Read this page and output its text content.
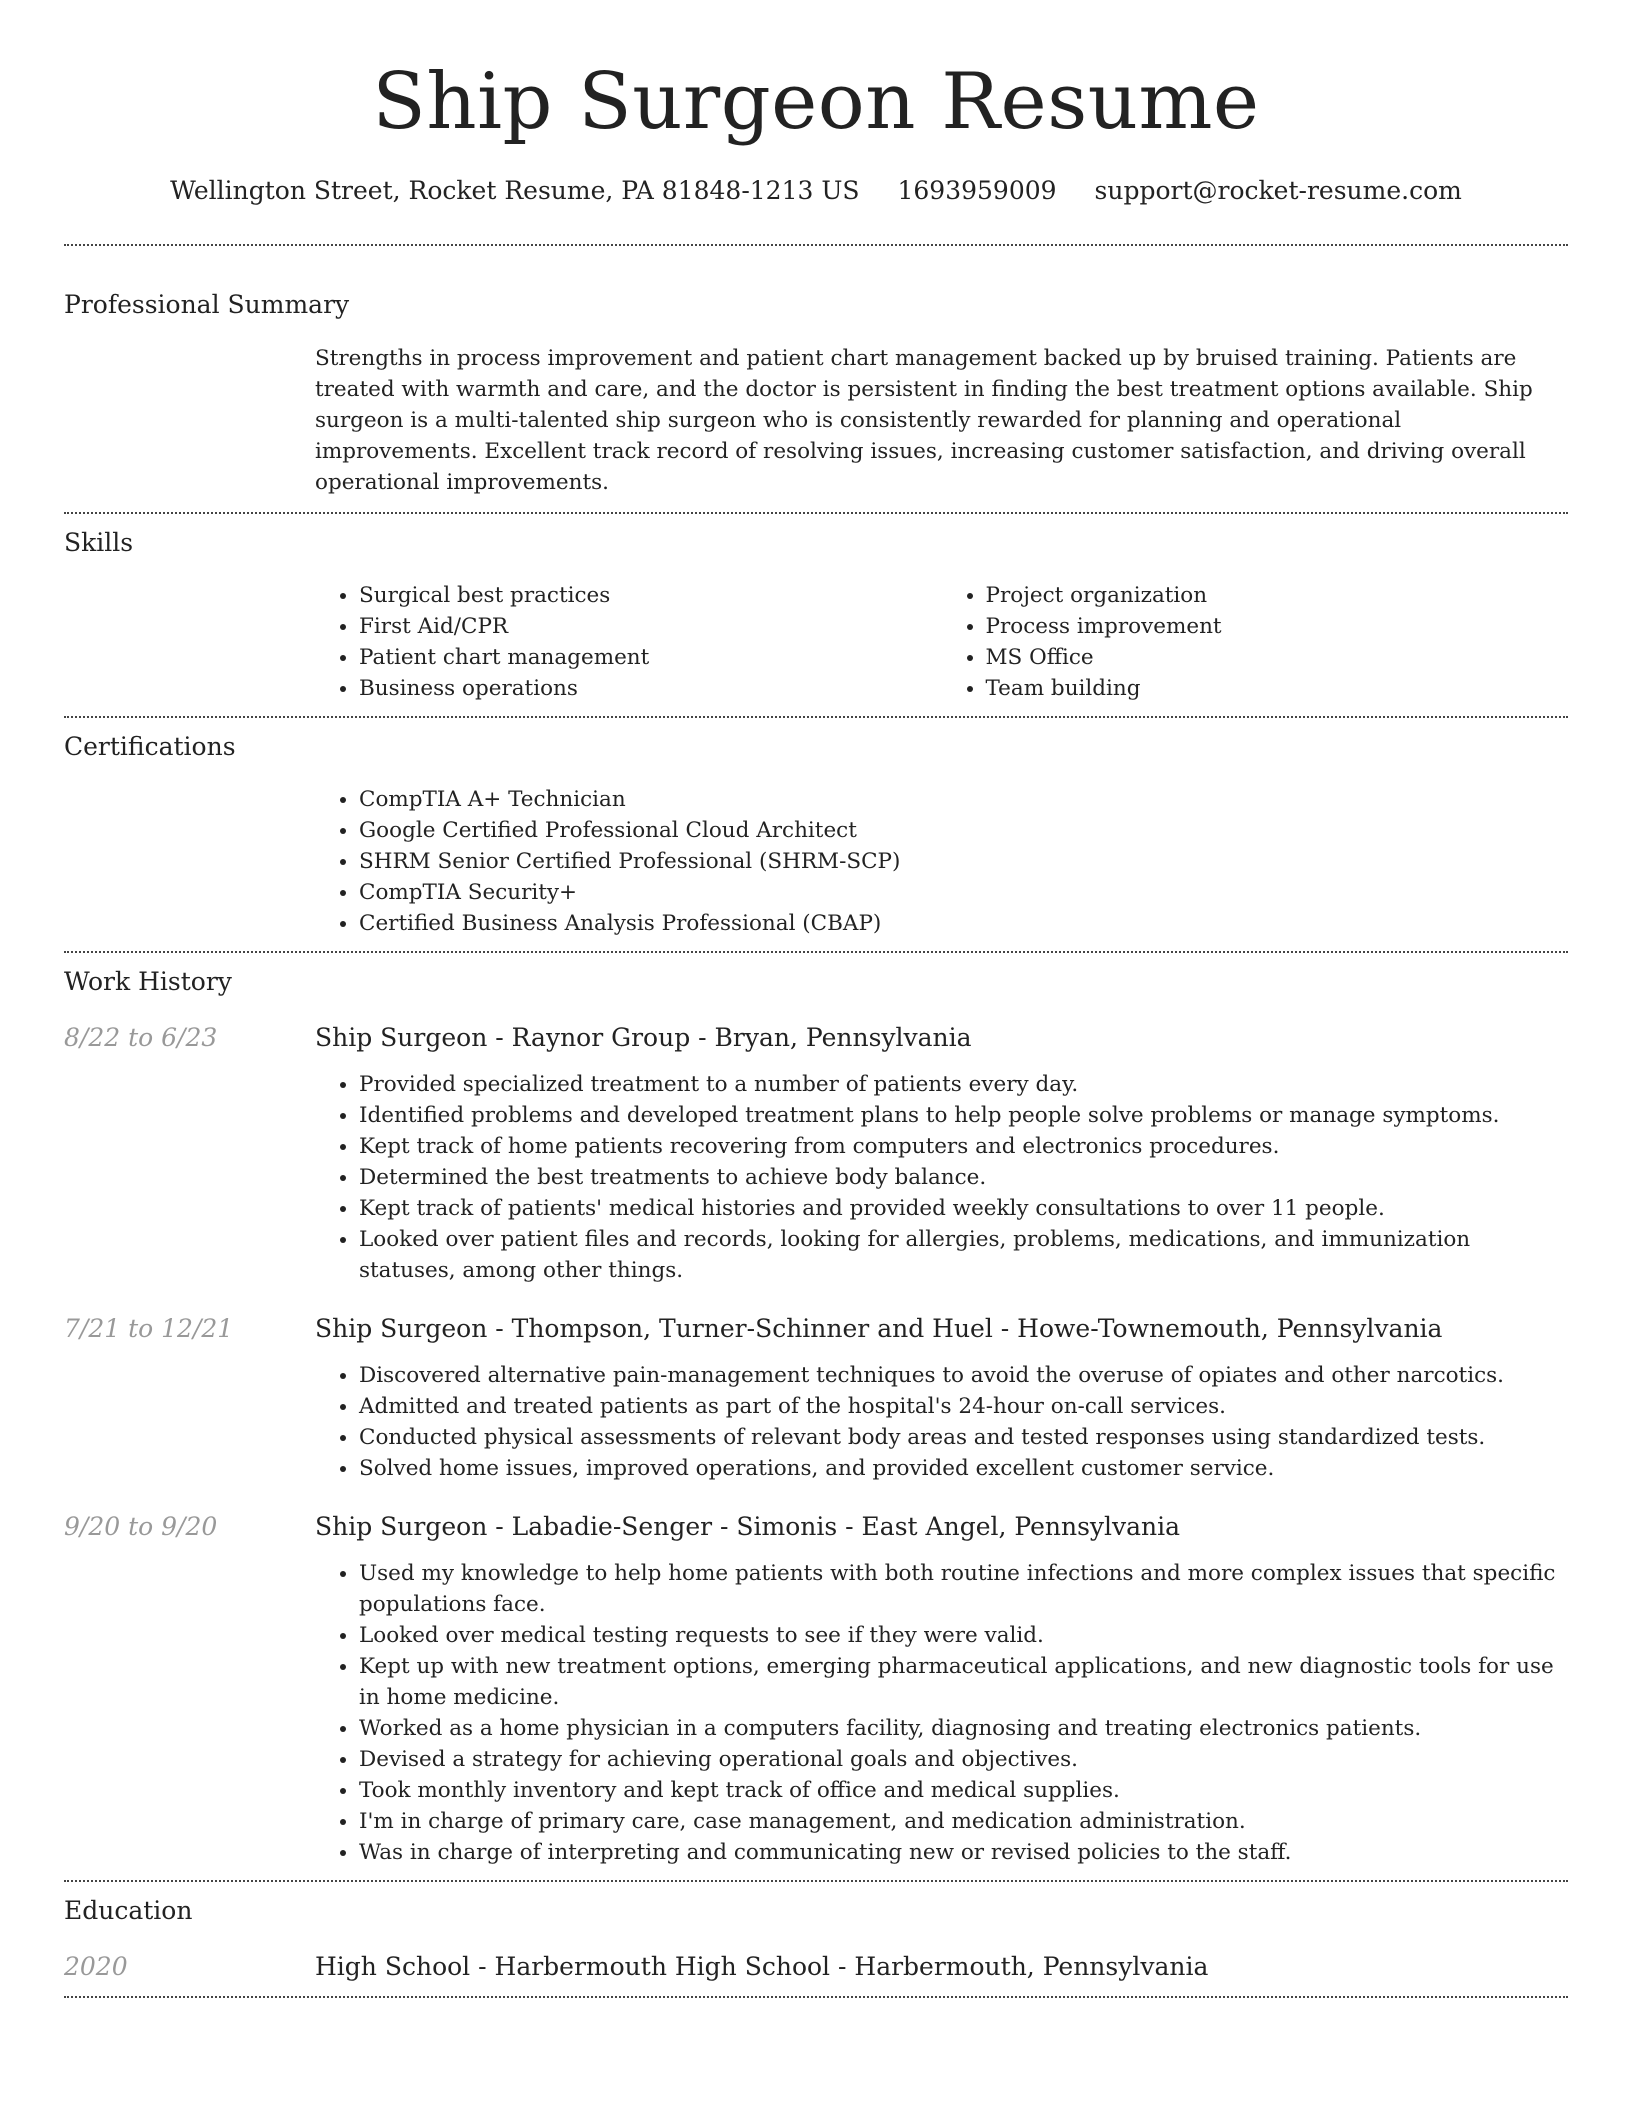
Ship Surgeon Resume
Wellington Street, Rocket Resume, PA 81848-1213 US 1693959009 support@rocket-resume.com
Professional Summary
Strengths in process improvement and patient chart management backed up by bruised training. Patients are treated with warmth and care, and the doctor is persistent in finding the best treatment options available. Ship surgeon is a multi-talented ship surgeon who is consistently rewarded for planning and operational improvements. Excellent track record of resolving issues, increasing customer satisfaction, and driving overall operational improvements.
Skills
• Surgical best practices
• First Aid/CPR
• Patient chart management
• Business operations
• Project organization
• Process improvement
• MS Office
• Team building
Certifications
• CompTIA A+ Technician
• Google Certified Professional Cloud Architect
• SHRM Senior Certified Professional (SHRM-SCP)
• CompTIA Security+
• Certified Business Analysis Professional (CBAP)
Work History
8/22 to 6/23	Ship Surgeon - Raynor Group - Bryan, Pennsylvania
• Provided specialized treatment to a number of patients every day.
• Identified problems and developed treatment plans to help people solve problems or manage symptoms.
• Kept track of home patients recovering from computers and electronics procedures.
• Determined the best treatments to achieve body balance.
• Kept track of patients' medical histories and provided weekly consultations to over 11 people.
• Looked over patient files and records, looking for allergies, problems, medications, and immunization statuses, among other things.
7/21 to 12/21	Ship Surgeon - Thompson, Turner-Schinner and Huel - Howe-Townemouth, Pennsylvania
• Discovered alternative pain-management techniques to avoid the overuse of opiates and other narcotics.
• Admitted and treated patients as part of the hospital's 24-hour on-call services.
• Conducted physical assessments of relevant body areas and tested responses using standardized tests.
• Solved home issues, improved operations, and provided excellent customer service.
9/20 to 9/20	Ship Surgeon - Labadie-Senger - Simonis - East Angel, Pennsylvania
• Used my knowledge to help home patients with both routine infections and more complex issues that specific populations face.
• Looked over medical testing requests to see if they were valid.
• Kept up with new treatment options, emerging pharmaceutical applications, and new diagnostic tools for use in home medicine.
• Worked as a home physician in a computers facility, diagnosing and treating electronics patients.
• Devised a strategy for achieving operational goals and objectives.
• Took monthly inventory and kept track of office and medical supplies.
• I'm in charge of primary care, case management, and medication administration.
• Was in charge of interpreting and communicating new or revised policies to the staff.
Education
2020	High School - Harbermouth High School - Harbermouth, Pennsylvania
